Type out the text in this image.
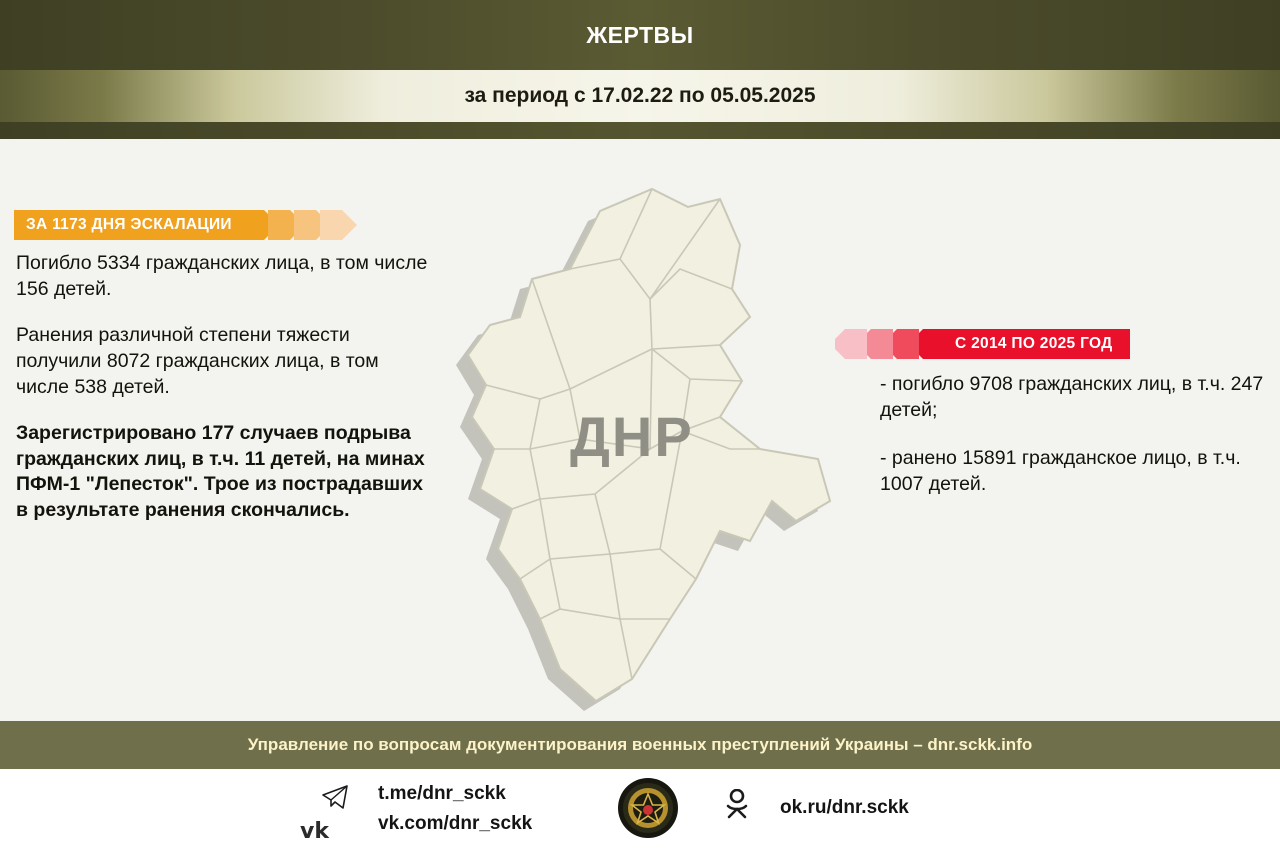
ЖЕРТВЫ
за период с 17.02.22 по 05.05.2025
ЗА 1173 ДНЯ ЭСКАЛАЦИИ

Погибло 5334 гражданских лица, в том числе 156 детей.

Ранения различной степени тяжести получили 8072 гражданских лица, в том числе 538 детей.

Зарегистрировано 177 случаев подрыва гражданских лиц, в т.ч. 11 детей, на минах ПФМ-1 "Лепесток". Трое из пострадавших в результате ранения скончались.

ДНР
С 2014 ПО 2025 ГОД

- погибло 9708 гражданских лиц, в т.ч. 247 детей;

- ранено 15891 гражданское лицо, в т.ч. 1007 детей.

Управление по вопросам документирования военных преступлений Украины – dnr.sckk.info
vk
t.me/dnr_sckk
vk.com/dnr_sckk
ok.ru/dnr.sckk
